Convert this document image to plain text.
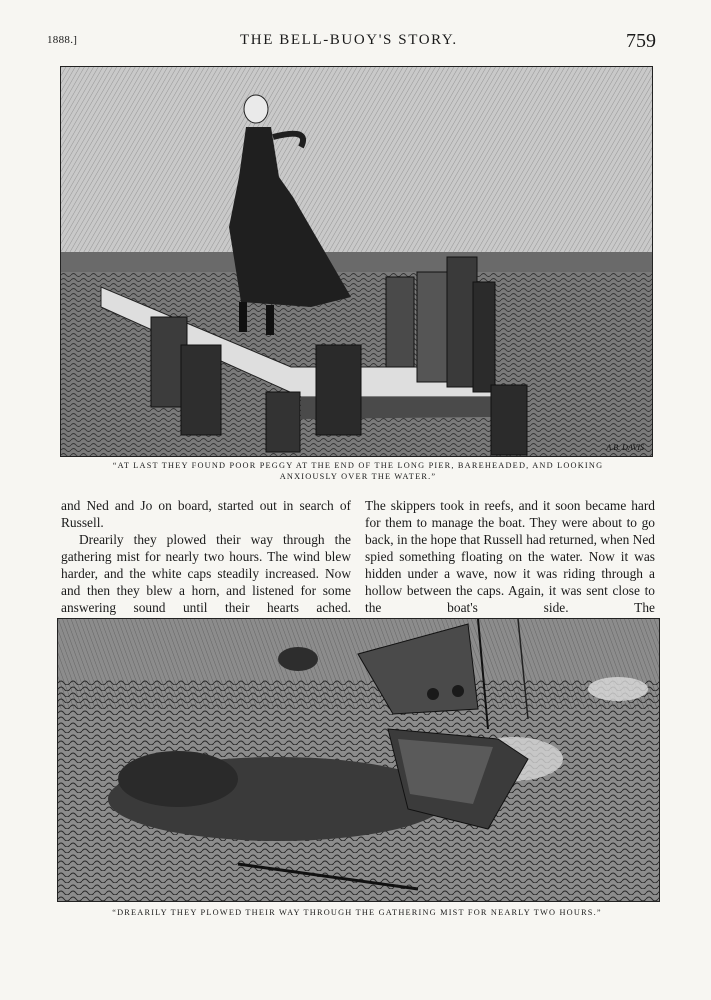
1888.]	THE BELL-BUOY'S STORY.	759
A.B. DAVIS
“AT LAST THEY FOUND POOR PEGGY AT THE END OF THE LONG PIER, BAREHEADED, AND LOOKING ANXIOUSLY OVER THE WATER.”

and Ned and Jo on board, started out in search of Russell.

Drearily they plowed their way through the gathering mist for nearly two hours. The wind blew harder, and the white caps steadily increased. Now and then they blew a horn, and listened for some answering sound until their hearts ached.

The skippers took in reefs, and it soon became hard for them to manage the boat. They were about to go back, in the hope that Russell had returned, when Ned spied something floating on the water. Now it was hidden under a wave, now it was riding through a hollow between the caps. Again, it was sent close to the boat's side. The

“DREARILY THEY PLOWED THEIR WAY THROUGH THE GATHERING MIST FOR NEARLY TWO HOURS.”
